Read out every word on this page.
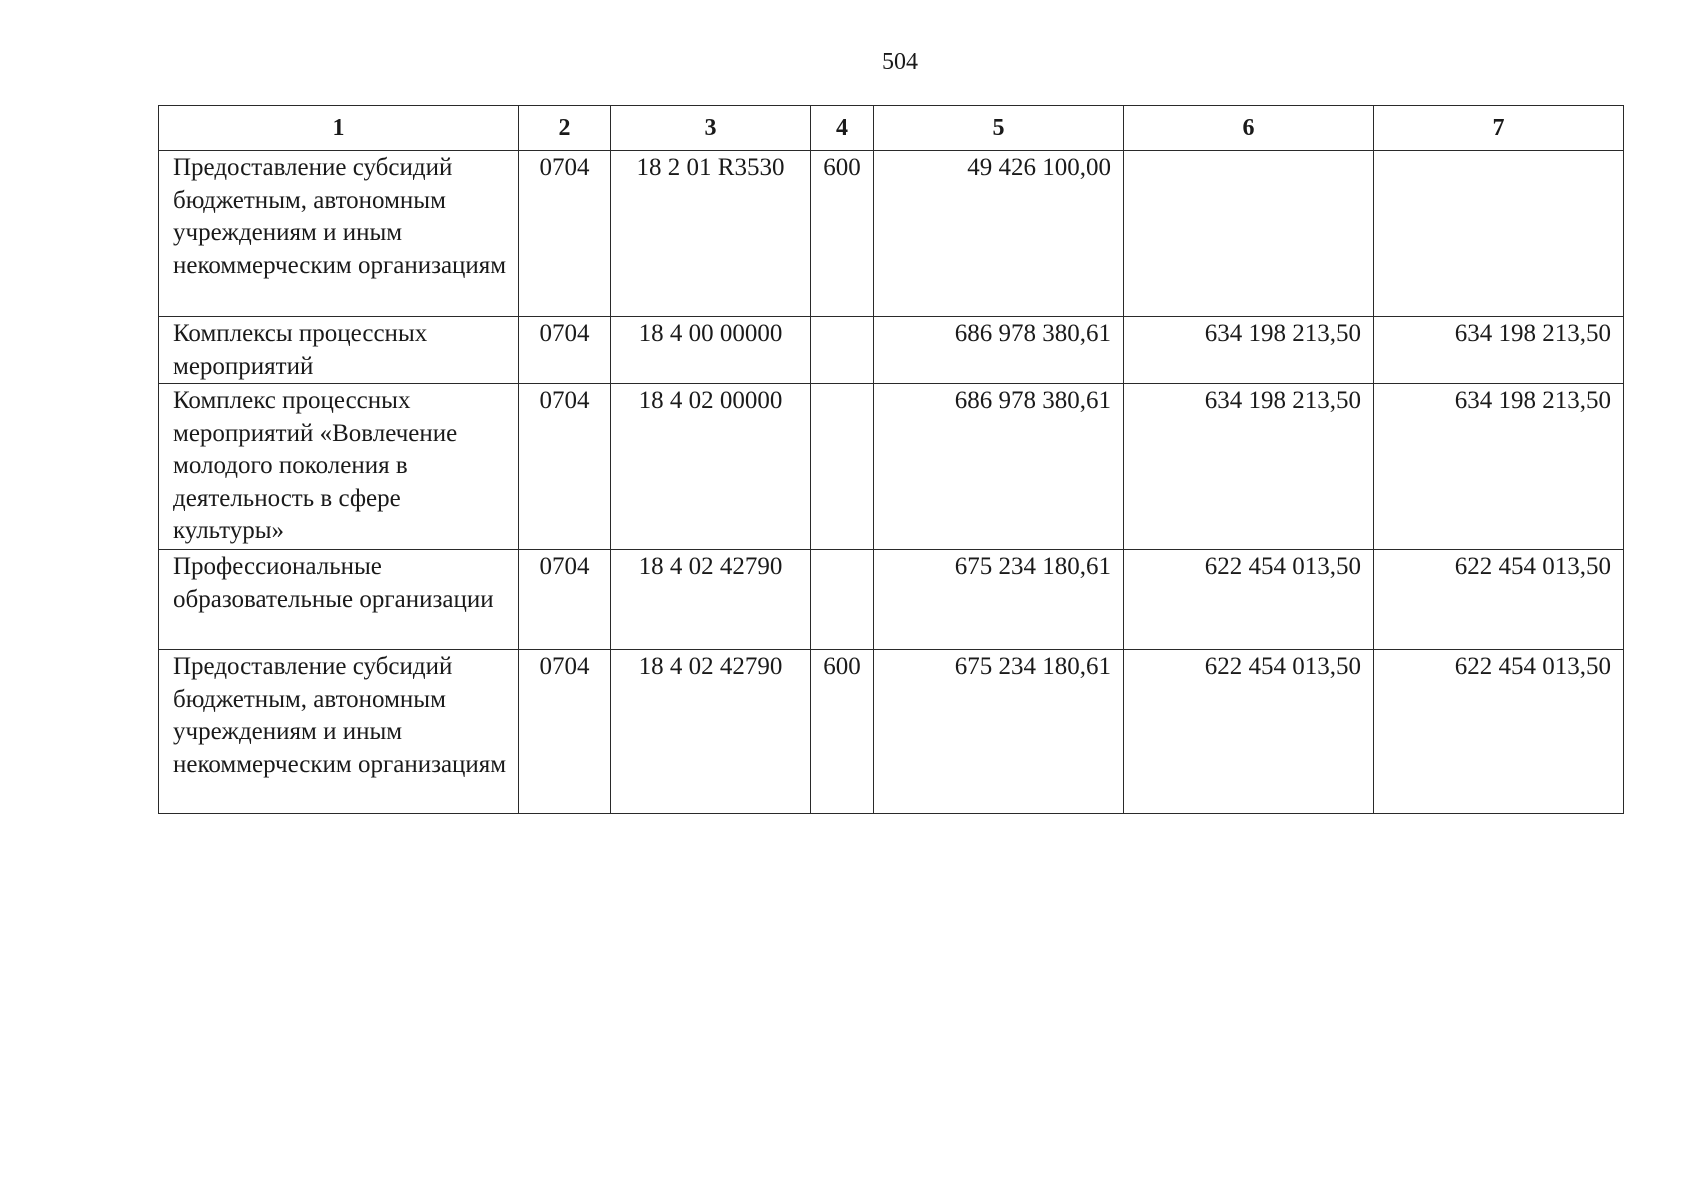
504
1	2	3	4	5	6	7
Предоставление субсидий бюджетным, автономным учреждениям и иным некоммерческим организациям	0704	18 2 01 R3530	600	49 426 100,00		
Комплексы процессных мероприятий	0704	18 4 00 00000		686 978 380,61	634 198 213,50	634 198 213,50
Комплекс процессных мероприятий «Вовлечение молодого поколения в деятельность в сфере культуры»	0704	18 4 02 00000		686 978 380,61	634 198 213,50	634 198 213,50
Профессиональные образовательные организации	0704	18 4 02 42790		675 234 180,61	622 454 013,50	622 454 013,50
Предоставление субсидий бюджетным, автономным учреждениям и иным некоммерческим организациям	0704	18 4 02 42790	600	675 234 180,61	622 454 013,50	622 454 013,50
